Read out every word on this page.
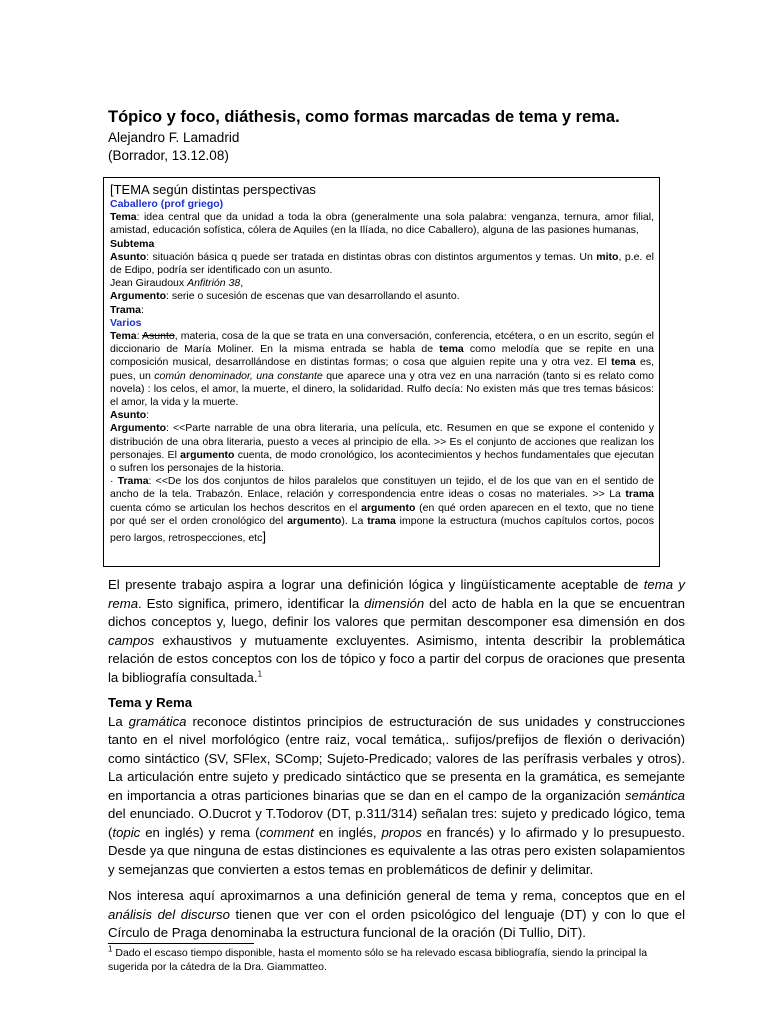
Tópico y foco, diáthesis, como formas marcadas de tema y rema.
Alejandro F. Lamadrid
(Borrador, 13.12.08)

[TEMA según distintas perspectivas

Caballero (prof griego)

Tema: idea central que da unidad a toda la obra (generalmente una sola palabra: venganza, ternura, amor filial, amistad, educación sofística, cólera de Aquiles (en la Ilíada, no dice Caballero), alguna de las pasiones humanas,

Subtema

Asunto: situación básica q puede ser tratada en distintas obras con distintos argumentos y temas. Un mito, p.e. el de Edipo, podría ser identificado con un asunto.

Jean Giraudoux Anfitrión 38,

Argumento: serie o sucesión de escenas que van desarrollando el asunto.

Trama:

Varios

Tema: Asunto, materia, cosa de la que se trata en una conversación, conferencia, etcétera, o en un escrito, según el diccionario de María Moliner. En la misma entrada se habla de tema como melodía que se repite en una composición musical, desarrollándose en distintas formas; o cosa que alguien repite una y otra vez. El tema es, pues, un común denominador, una constante que aparece una y otra vez en una narración (tanto si es relato como novela) : los celos, el amor, la muerte, el dinero, la solidaridad. Rulfo decía: No existen más que tres temas básicos: el amor, la vida y la muerte.

Asunto:

Argumento: <<Parte narrable de una obra literaria, una película, etc. Resumen en que se expone el contenido y distribución de una obra literaria, puesto a veces al principio de ella. >> Es el conjunto de acciones que realizan los personajes. El argumento cuenta, de modo cronológico, los acontecimientos y hechos fundamentales que ejecutan o sufren los personajes de la historia.

· Trama: <<De los dos conjuntos de hilos paralelos que constituyen un tejido, el de los que van en el sentido de ancho de la tela. Trabazón. Enlace, relación y correspondencia entre ideas o cosas no materiales. >> La trama cuenta cómo se articulan los hechos descritos en el argumento (en qué orden aparecen en el texto, que no tiene por qué ser el orden cronológico del argumento). La trama impone la estructura (muchos capítulos cortos, pocos pero largos, retrospecciones, etc]

El presente trabajo aspira a lograr una definición lógica y lingüísticamente aceptable de tema y rema. Esto significa, primero, identificar la dimensión del acto de habla en la que se encuentran dichos conceptos y, luego, definir los valores que permitan descomponer esa dimensión en dos campos exhaustivos y mutuamente excluyentes. Asimismo, intenta describir la problemática relación de estos conceptos con los de tópico y foco a partir del corpus de oraciones que presenta la bibliografía consultada.$^1$

Tema y Rema

La gramática reconoce distintos principios de estructuración de sus unidades y construcciones tanto en el nivel morfológico (entre raiz, vocal temática,. sufijos/prefijos de flexión o derivación) como sintáctico (SV, SFlex, SComp; Sujeto-Predicado; valores de las perífrasis verbales y otros). La articulación entre sujeto y predicado sintáctico que se presenta en la gramática, es semejante en importancia a otras particiones binarias que se dan en el campo de la organización semántica del enunciado. O.Ducrot y T.Todorov (DT, p.311/314) señalan tres: sujeto y predicado lógico, tema (topic en inglés) y rema (comment en inglés, propos en francés) y lo afirmado y lo presupuesto. Desde ya que ninguna de estas distinciones es equivalente a las otras pero existen solapamientos y semejanzas que convierten a estos temas en problemáticos de definir y delimitar.

Nos interesa aquí aproximarnos a una definición general de tema y rema, conceptos que en el análisis del discurso tienen que ver con el orden psicológico del lenguaje (DT) y con lo que el Círculo de Praga denominaba la estructura funcional de la oración (Di Tullio, DiT).

$^1$ Dado el escaso tiempo disponible, hasta el momento sólo se ha relevado escasa bibliografía, siendo la principal la sugerida por la cátedra de la Dra. Giammatteo.
